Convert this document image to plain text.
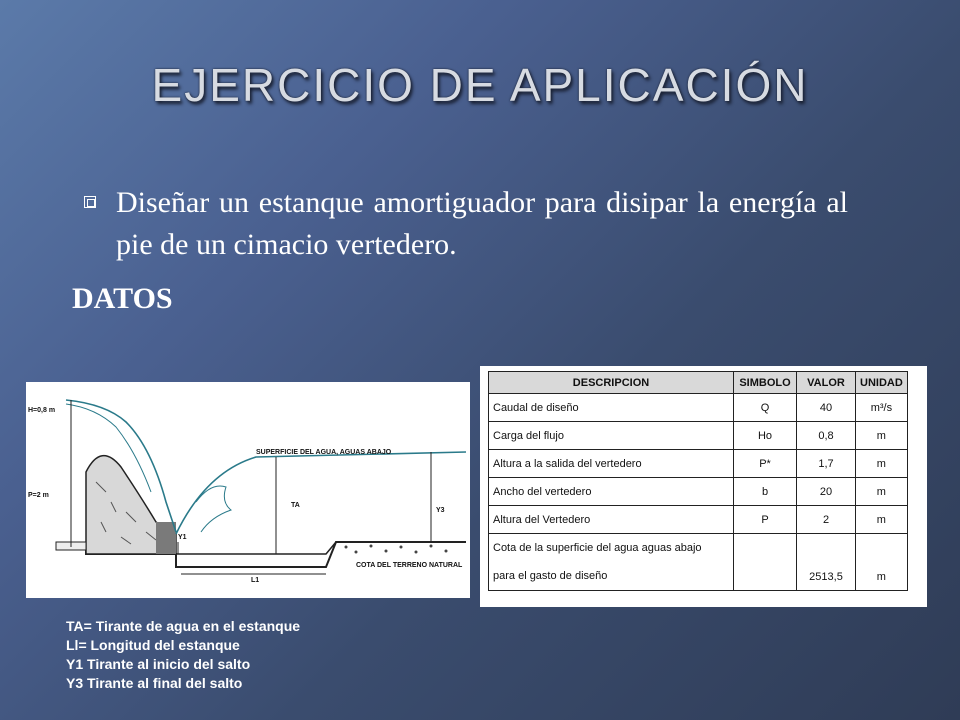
EJERCICIO DE APLICACIÓN
Diseñar un estanque amortiguador para disipar la energía al pie de un cimacio vertedero.
DATOS
H=0,8 m
P=2 m
SUPERFICIE DEL AGUA, AGUAS ABAJO
TA
Y3
Y1
L1
COTA DEL TERRENO NATURAL
DESCRIPCION	SIMBOLO	VALOR	UNIDAD
Caudal de diseño	Q	40	m³/s
Carga del flujo	Ho	0,8	m
Altura a la salida del vertedero	P*	1,7	m
Ancho del vertedero	b	20	m
Altura del Vertedero	P	2	m

Cota de la superficie del agua aguas abajo
para el gasto de diseño		2513,5	m
TA= Tirante de agua en el estanque
Ll= Longitud del estanque
Y1 Tirante al inicio del salto
Y3 Tirante al final del salto
